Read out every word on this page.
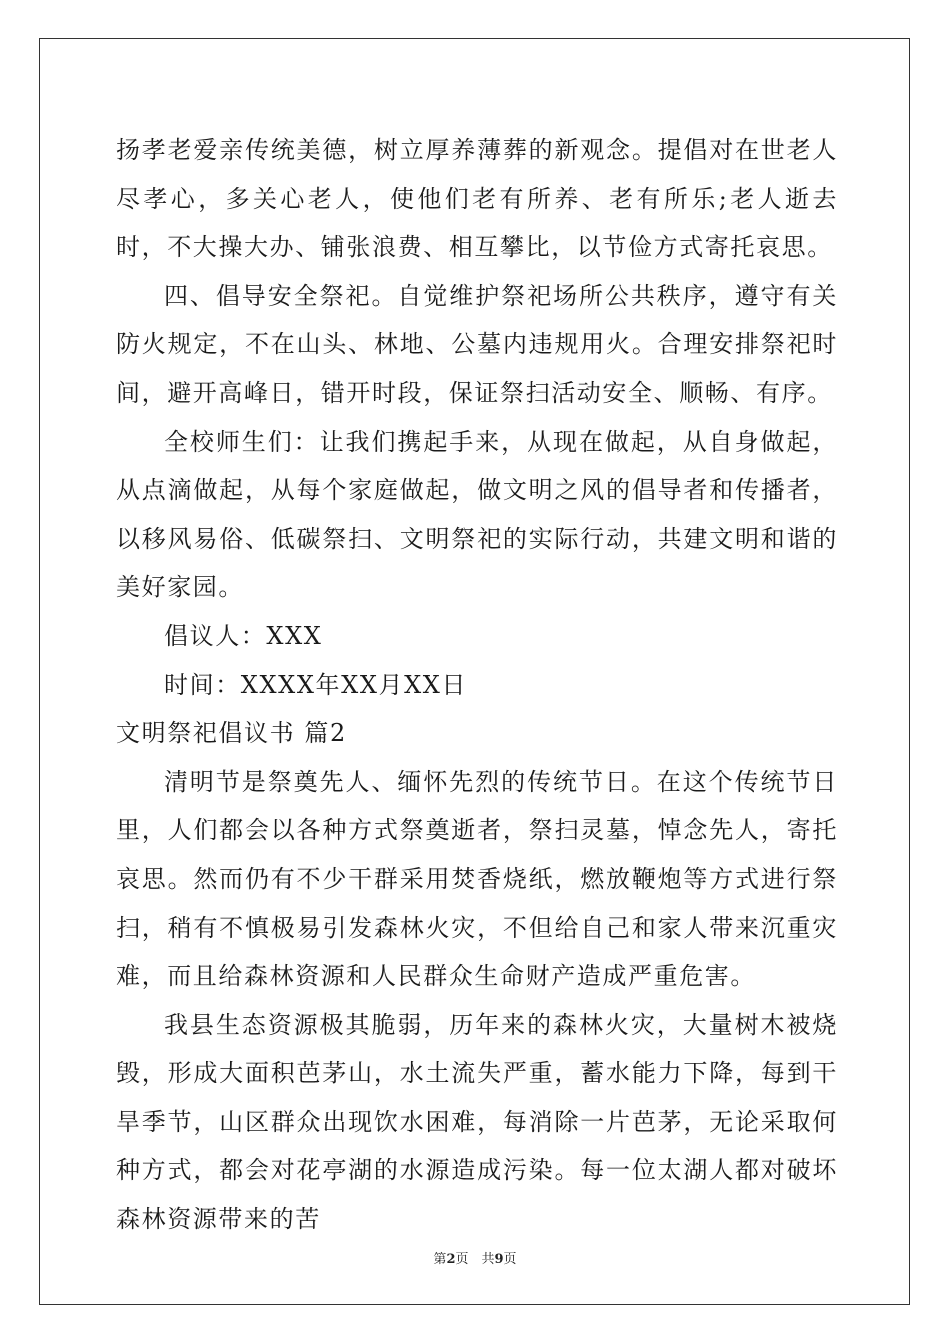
扬孝老爱亲传统美德，树立厚养薄葬的新观念。提倡对在世老人尽孝心，多关心老人，使他们老有所养、老有所乐;老人逝去时，不大操大办、铺张浪费、相互攀比，以节俭方式寄托哀思。

四、倡导安全祭祀。自觉维护祭祀场所公共秩序，遵守有关防火规定，不在山头、林地、公墓内违规用火。合理安排祭祀时间，避开高峰日，错开时段，保证祭扫活动安全、顺畅、有序。

全校师生们：让我们携起手来，从现在做起，从自身做起，从点滴做起，从每个家庭做起，做文明之风的倡导者和传播者，以移风易俗、低碳祭扫、文明祭祀的实际行动，共建文明和谐的美好家园。

倡议人：XXX

时间：XXXX年XX月XX日

文明祭祀倡议书 篇2

清明节是祭奠先人、缅怀先烈的传统节日。在这个传统节日里，人们都会以各种方式祭奠逝者，祭扫灵墓，悼念先人，寄托哀思。然而仍有不少干群采用焚香烧纸，燃放鞭炮等方式进行祭扫，稍有不慎极易引发森林火灾，不但给自己和家人带来沉重灾难，而且给森林资源和人民群众生命财产造成严重危害。

我县生态资源极其脆弱，历年来的森林火灾，大量树木被烧毁，形成大面积芭茅山，水土流失严重，蓄水能力下降，每到干旱季节，山区群众出现饮水困难，每消除一片芭茅，无论采取何种方式，都会对花亭湖的水源造成污染。每一位太湖人都对破坏森林资源带来的苦

第2页　共9页
